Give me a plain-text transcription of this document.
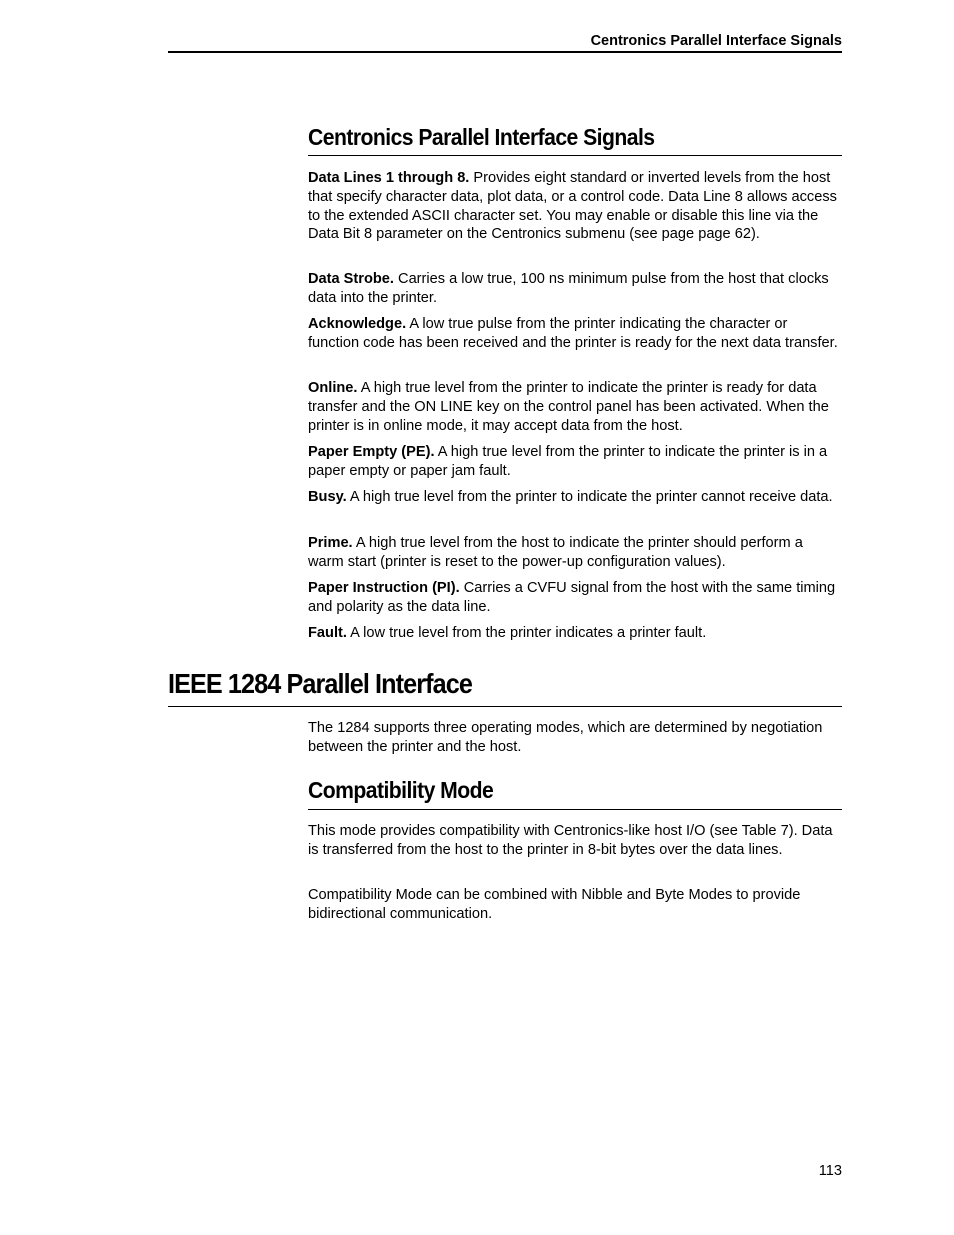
Centronics Parallel Interface Signals
Centronics Parallel Interface Signals

Data Lines 1 through 8. Provides eight standard or inverted levels from the host that specify character data, plot data, or a control code. Data Line 8 allows access to the extended ASCII character set. You may enable or disable this line via the Data Bit 8 parameter on the Centronics submenu (see page page 62).

Data Strobe. Carries a low true, 100 ns minimum pulse from the host that clocks data into the printer.

Acknowledge. A low true pulse from the printer indicating the character or function code has been received and the printer is ready for the next data transfer.

Online. A high true level from the printer to indicate the printer is ready for data transfer and the ON LINE key on the control panel has been activated. When the printer is in online mode, it may accept data from the host.

Paper Empty (PE). A high true level from the printer to indicate the printer is in a paper empty or paper jam fault.

Busy. A high true level from the printer to indicate the printer cannot receive data.

Prime. A high true level from the host to indicate the printer should perform a warm start (printer is reset to the power-up configuration values).

Paper Instruction (PI). Carries a CVFU signal from the host with the same timing and polarity as the data line.

Fault. A low true level from the printer indicates a printer fault.

IEEE 1284 Parallel Interface

The 1284 supports three operating modes, which are determined by negotiation between the printer and the host.

Compatibility Mode

This mode provides compatibility with Centronics-like host I/O (see Table 7). Data is transferred from the host to the printer in 8-bit bytes over the data lines.

Compatibility Mode can be combined with Nibble and Byte Modes to provide bidirectional communication.

113
